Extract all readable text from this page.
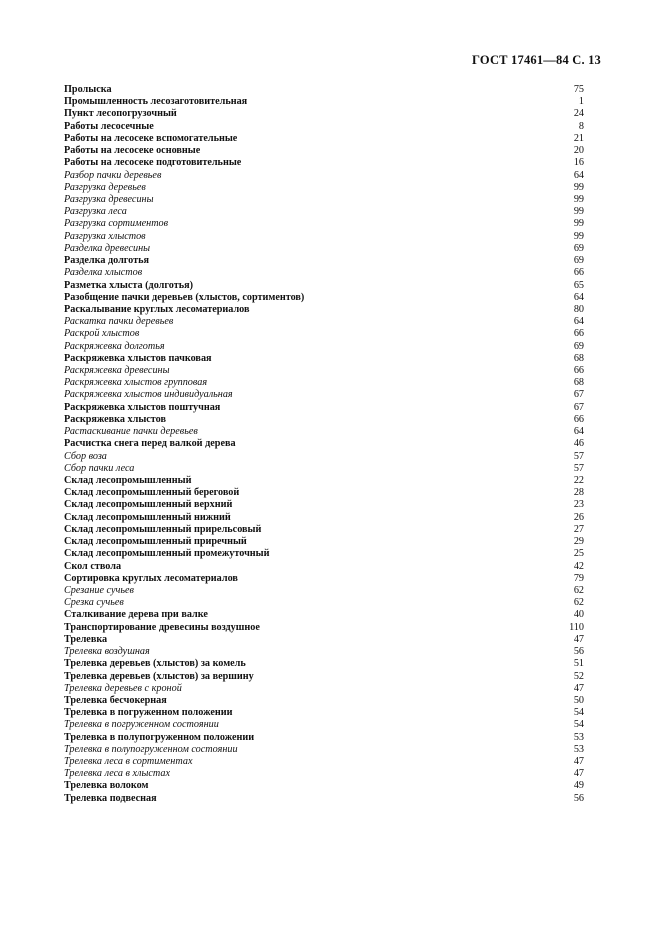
ГОСТ 17461—84 С. 13
Пролыска	75
Промышленность лесозаготовительная	1
Пункт лесопогрузочный	24
Работы лесосечные	8
Работы на лесосеке вспомогательные	21
Работы на лесосеке основные	20
Работы на лесосеке подготовительные	16
Разбор пачки деревьев	64
Разгрузка деревьев	99
Разгрузка древесины	99
Разгрузка леса	99
Разгрузка сортиментов	99
Разгрузка хлыстов	99
Разделка древесины	69
Разделка долготья	69
Разделка хлыстов	66
Разметка хлыста (долготья)	65
Разобщение пачки деревьев (хлыстов, сортиментов)	64
Раскалывание круглых лесоматериалов	80
Раскатка пачки деревьев	64
Раскрой хлыстов	66
Раскряжевка долготья	69
Раскряжевка хлыстов пачковая	68
Раскряжевка древесины	66
Раскряжевка хлыстов групповая	68
Раскряжевка хлыстов индивидуальная	67
Раскряжевка хлыстов поштучная	67
Раскряжевка хлыстов	66
Растаскивание пачки деревьев	64
Расчистка снега перед валкой дерева	46
Сбор воза	57
Сбор пачки леса	57
Склад лесопромышленный	22
Склад лесопромышленный береговой	28
Склад лесопромышленный верхний	23
Склад лесопромышленный нижний	26
Склад лесопромышленный прирельсовый	27
Склад лесопромышленный приречный	29
Склад лесопромышленный промежуточный	25
Скол ствола	42
Сортировка круглых лесоматериалов	79
Срезание сучьев	62
Срезка сучьев	62
Сталкивание дерева при валке	40
Транспортирование древесины воздушное	110
Трелевка	47
Трелевка воздушная	56
Трелевка деревьев (хлыстов) за комель	51
Трелевка деревьев (хлыстов) за вершину	52
Трелевка деревьев с кроной	47
Трелевка бесчокерная	50
Трелевка в погруженном положении	54
Трелевка в погруженном состоянии	54
Трелевка в полупогруженном положении	53
Трелевка в полупогруженном состоянии	53
Трелевка леса в сортиментах	47
Трелевка леса в хлыстах	47
Трелевка волоком	49
Трелевка подвесная	56
